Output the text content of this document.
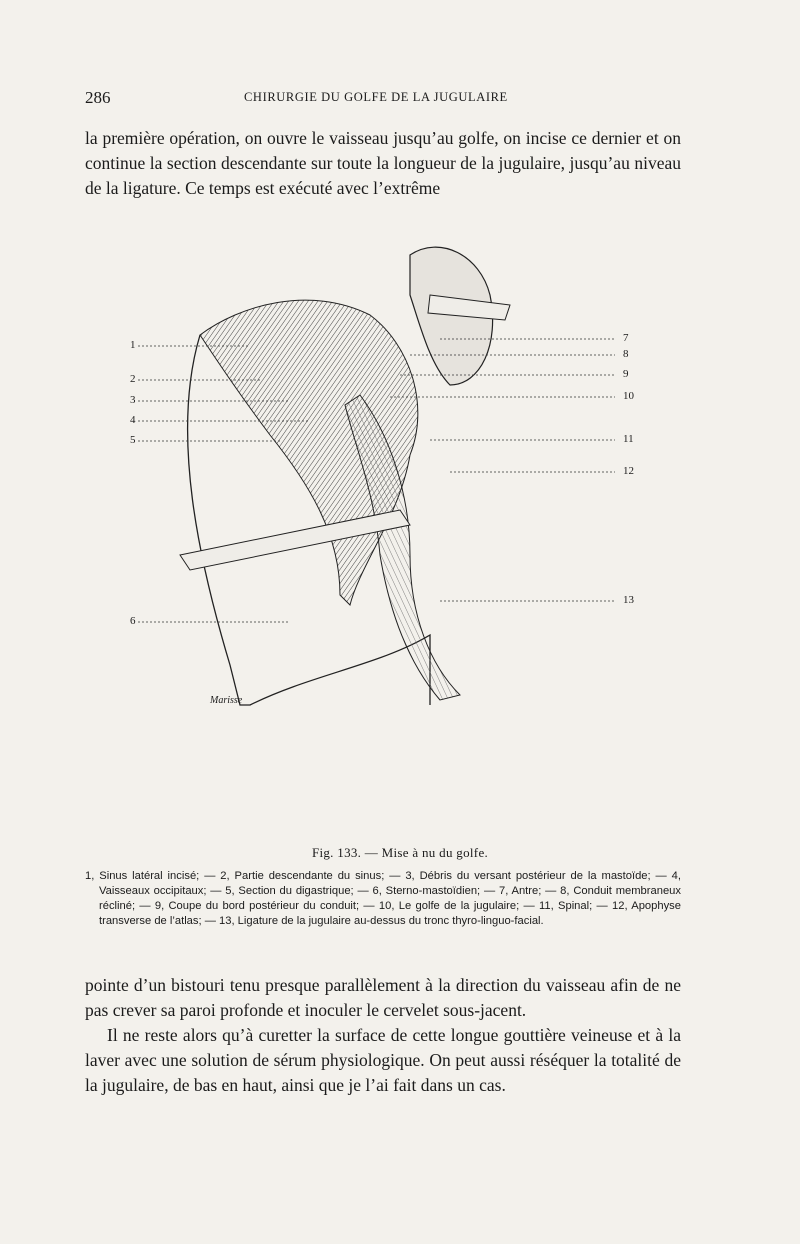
286	CHIRURGIE DU GOLFE DE LA JUGULAIRE

la première opération, on ouvre le vaisseau jusqu’au golfe, on incise ce dernier et on continue la section descendante sur toute la longueur de la jugulaire, jusqu’au niveau de la ligature. Ce temps est exécuté avec l’extrême

1
2
3
4
5
6
7
8
9
10
11
12
13
Marisse
Fig. 133. — Mise à nu du golfe.

1, Sinus latéral incisé; — 2, Partie descendante du sinus; — 3, Débris du versant postérieur de la mastoïde; — 4, Vaisseaux occipitaux; — 5, Section du digastrique; — 6, Sterno-mastoïdien; — 7, Antre; — 8, Conduit membraneux récliné; — 9, Coupe du bord postérieur du conduit; — 10, Le golfe de la jugulaire; — 11, Spinal; — 12, Apophyse transverse de l’atlas; — 13, Ligature de la jugulaire au-dessus du tronc thyro-linguo-facial.

pointe d’un bistouri tenu presque parallèlement à la direction du vaisseau afin de ne pas crever sa paroi profonde et inoculer le cervelet sous-jacent.

Il ne reste alors qu’à curetter la surface de cette longue gouttière veineuse et à la laver avec une solution de sérum physiologique. On peut aussi réséquer la totalité de la jugulaire, de bas en haut, ainsi que je l’ai fait dans un cas.
